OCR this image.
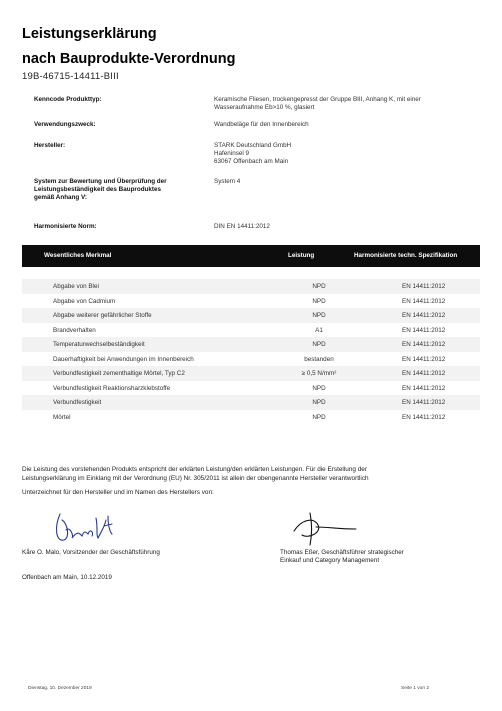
Leistungserklärung
nach Bauprodukte-Verordnung
19B-46715-14411-BIII
Kenncode Produkttyp:	Keramische Fliesen, trockengepresst der Gruppe BIII, Anhang K, mit einer
Wasseraufnahme Eb>10 %, glasiert
Verwendungszweck:	Wandbeläge für den Innenbereich
Hersteller:	STARK Deutschland GmbH
Hafeninsel 9
63067 Offenbach am Main
System zur Bewertung und Überprüfung der
Leistungsbeständigkeit des Bauproduktes
gemäß Anhang V:
System 4
Harmonisierte Norm:	DIN EN 14411:2012
Wesentliches Merkmal	Leistung	Harmonisierte techn. Spezifikation
Abgabe von Blei	NPD	EN 14411:2012
Abgabe von Cadmium	NPD	EN 14411:2012
Abgabe weiterer gefährlicher Stoffe	NPD	EN 14411:2012
Brandverhalten	A1	EN 14411:2012
Temperaturwechselbeständigkeit	NPD	EN 14411:2012
Dauerhaftigkeit bei Anwendungen im Innenbereich	bestanden	EN 14411:2012
Verbundfestigkeit zementhaltige Mörtel, Typ C2	≥ 0,5 N/mm²	EN 14411:2012
Verbundfestigkeit Reaktionsharzklebstoffe	NPD	EN 14411:2012
Verbundfestigkeit	NPD	EN 14411:2012
Mörtel	NPD	EN 14411:2012
Die Leistung des vorstehenden Produkts entspricht der erklärten Leistung/den erklärten Leistungen. Für die Erstellung der
Leistungserklärung im Einklang mit der Verordnung (EU) Nr. 305/2011 ist allein der obengenannte Hersteller verantwortlich
Unterzeichnet für den Hersteller und im Namen des Herstellers von:
Kåre O. Malo, Vorsitzender der Geschäftsführung	Thomas Eßer, Geschäftsführer strategischer
Einkauf und Category Management
Offenbach am Main, 10.12.2019
Dienstag, 10. Dezember 2019	Seite 1 von 2
